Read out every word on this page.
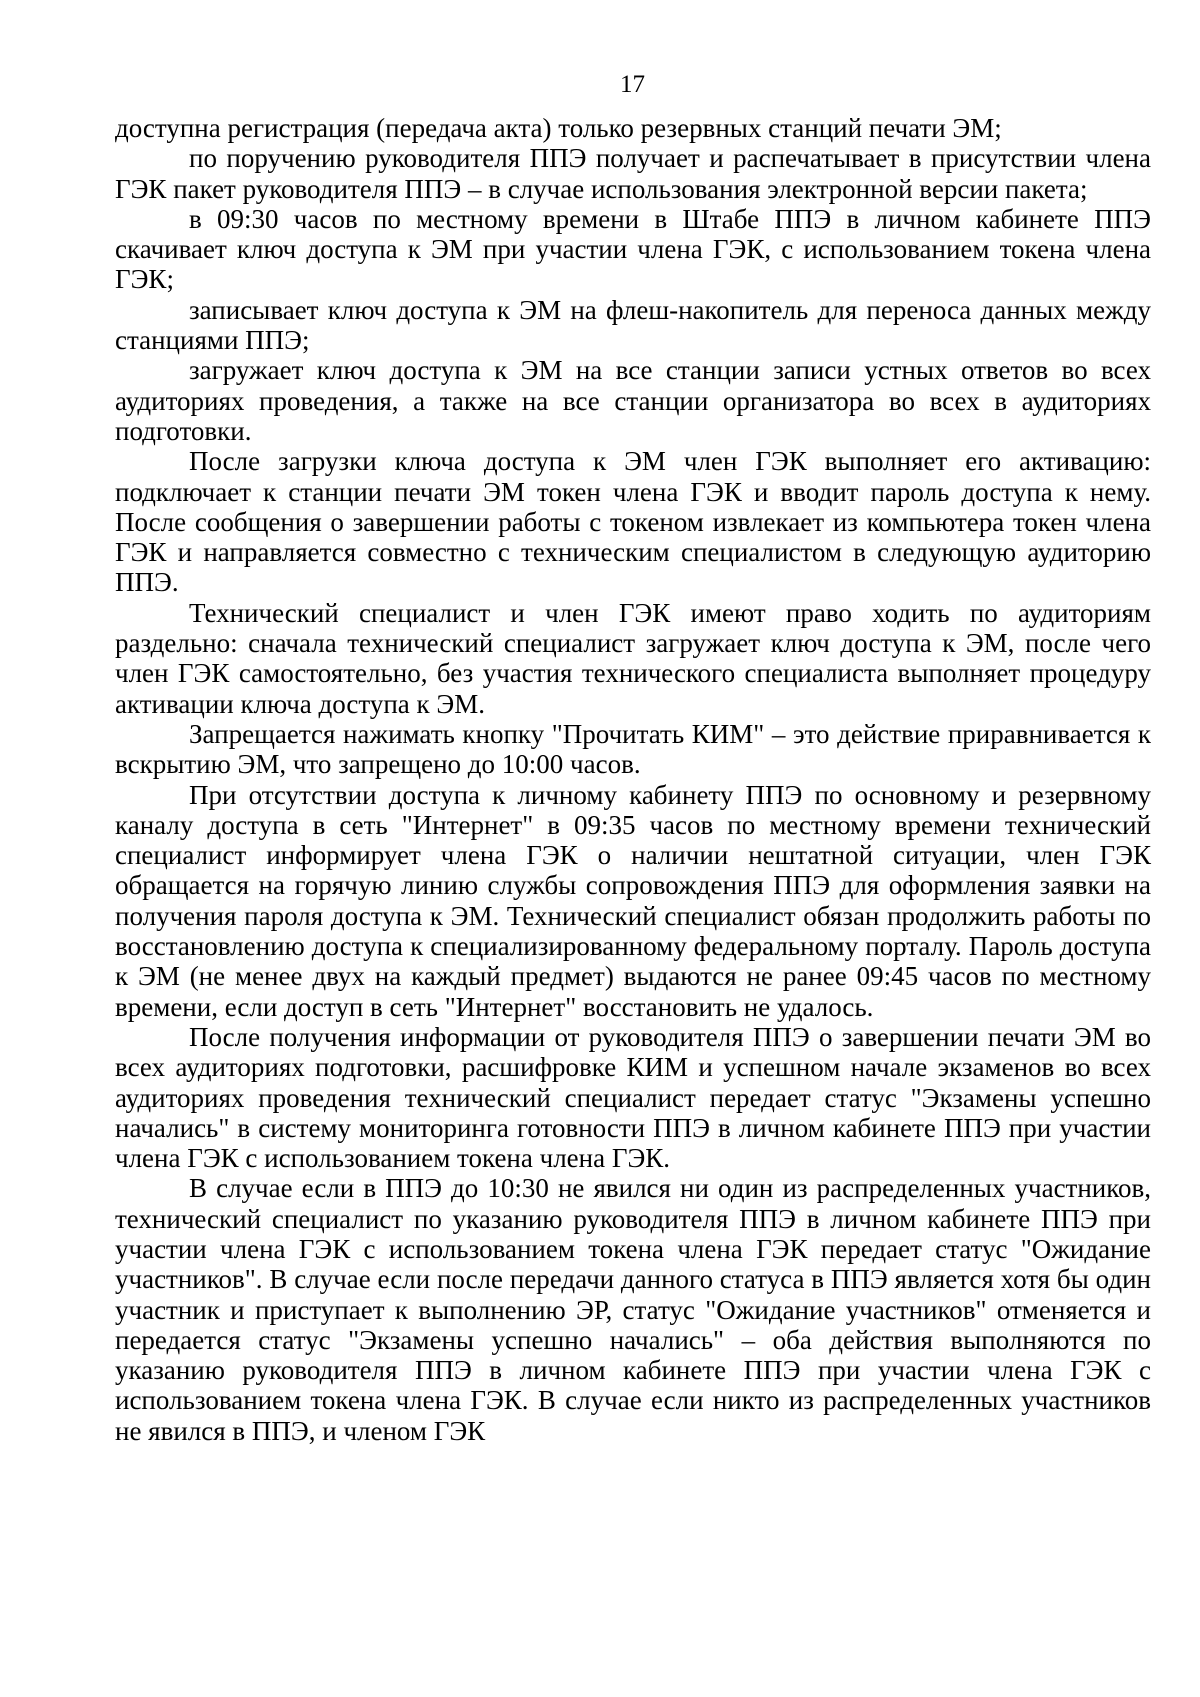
17

доступна регистрация (передача акта) только резервных станций печати ЭМ;

по поручению руководителя ППЭ получает и распечатывает в присутствии члена ГЭК пакет руководителя ППЭ – в случае использования электронной версии пакета;

в 09:30 часов по местному времени в Штабе ППЭ в личном кабинете ППЭ скачивает ключ доступа к ЭМ при участии члена ГЭК, с использованием токена члена ГЭК;

записывает ключ доступа к ЭМ на флеш-накопитель для переноса данных между станциями ППЭ;

загружает ключ доступа к ЭМ на все станции записи устных ответов во всех аудиториях проведения, а также на все станции организатора во всех в аудиториях подготовки.

После загрузки ключа доступа к ЭМ член ГЭК выполняет его активацию: подключает к станции печати ЭМ токен члена ГЭК и вводит пароль доступа к нему. После сообщения о завершении работы с токеном извлекает из компьютера токен члена ГЭК и направляется совместно с техническим специалистом в следующую аудиторию ППЭ.

Технический специалист и член ГЭК имеют право ходить по аудиториям раздельно: сначала технический специалист загружает ключ доступа к ЭМ, после чего член ГЭК самостоятельно, без участия технического специалиста выполняет процедуру активации ключа доступа к ЭМ.

Запрещается нажимать кнопку "Прочитать КИМ" – это действие приравнивается к вскрытию ЭМ, что запрещено до 10:00 часов.

При отсутствии доступа к личному кабинету ППЭ по основному и резервному каналу доступа в сеть "Интернет" в 09:35 часов по местному времени технический специалист информирует члена ГЭК о наличии нештатной ситуации, член ГЭК обращается на горячую линию службы сопровождения ППЭ для оформления заявки на получения пароля доступа к ЭМ. Технический специалист обязан продолжить работы по восстановлению доступа к специализированному федеральному порталу. Пароль доступа к ЭМ (не менее двух на каждый предмет) выдаются не ранее 09:45 часов по местному времени, если доступ в сеть "Интернет" восстановить не удалось.

После получения информации от руководителя ППЭ о завершении печати ЭМ во всех аудиториях подготовки, расшифровке КИМ и успешном начале экзаменов во всех аудиториях проведения технический специалист передает статус "Экзамены успешно начались" в систему мониторинга готовности ППЭ в личном кабинете ППЭ при участии члена ГЭК с использованием токена члена ГЭК.

В случае если в ППЭ до 10:30 не явился ни один из распределенных участников, технический специалист по указанию руководителя ППЭ в личном кабинете ППЭ при участии члена ГЭК с использованием токена члена ГЭК передает статус "Ожидание участников". В случае если после передачи данного статуса в ППЭ является хотя бы один участник и приступает к выполнению ЭР, статус "Ожидание участников" отменяется и передается статус "Экзамены успешно начались" – оба действия выполняются по указанию руководителя ППЭ в личном кабинете ППЭ при участии члена ГЭК с использованием токена члена ГЭК. В случае если никто из распределенных участников не явился в ППЭ, и членом ГЭК
